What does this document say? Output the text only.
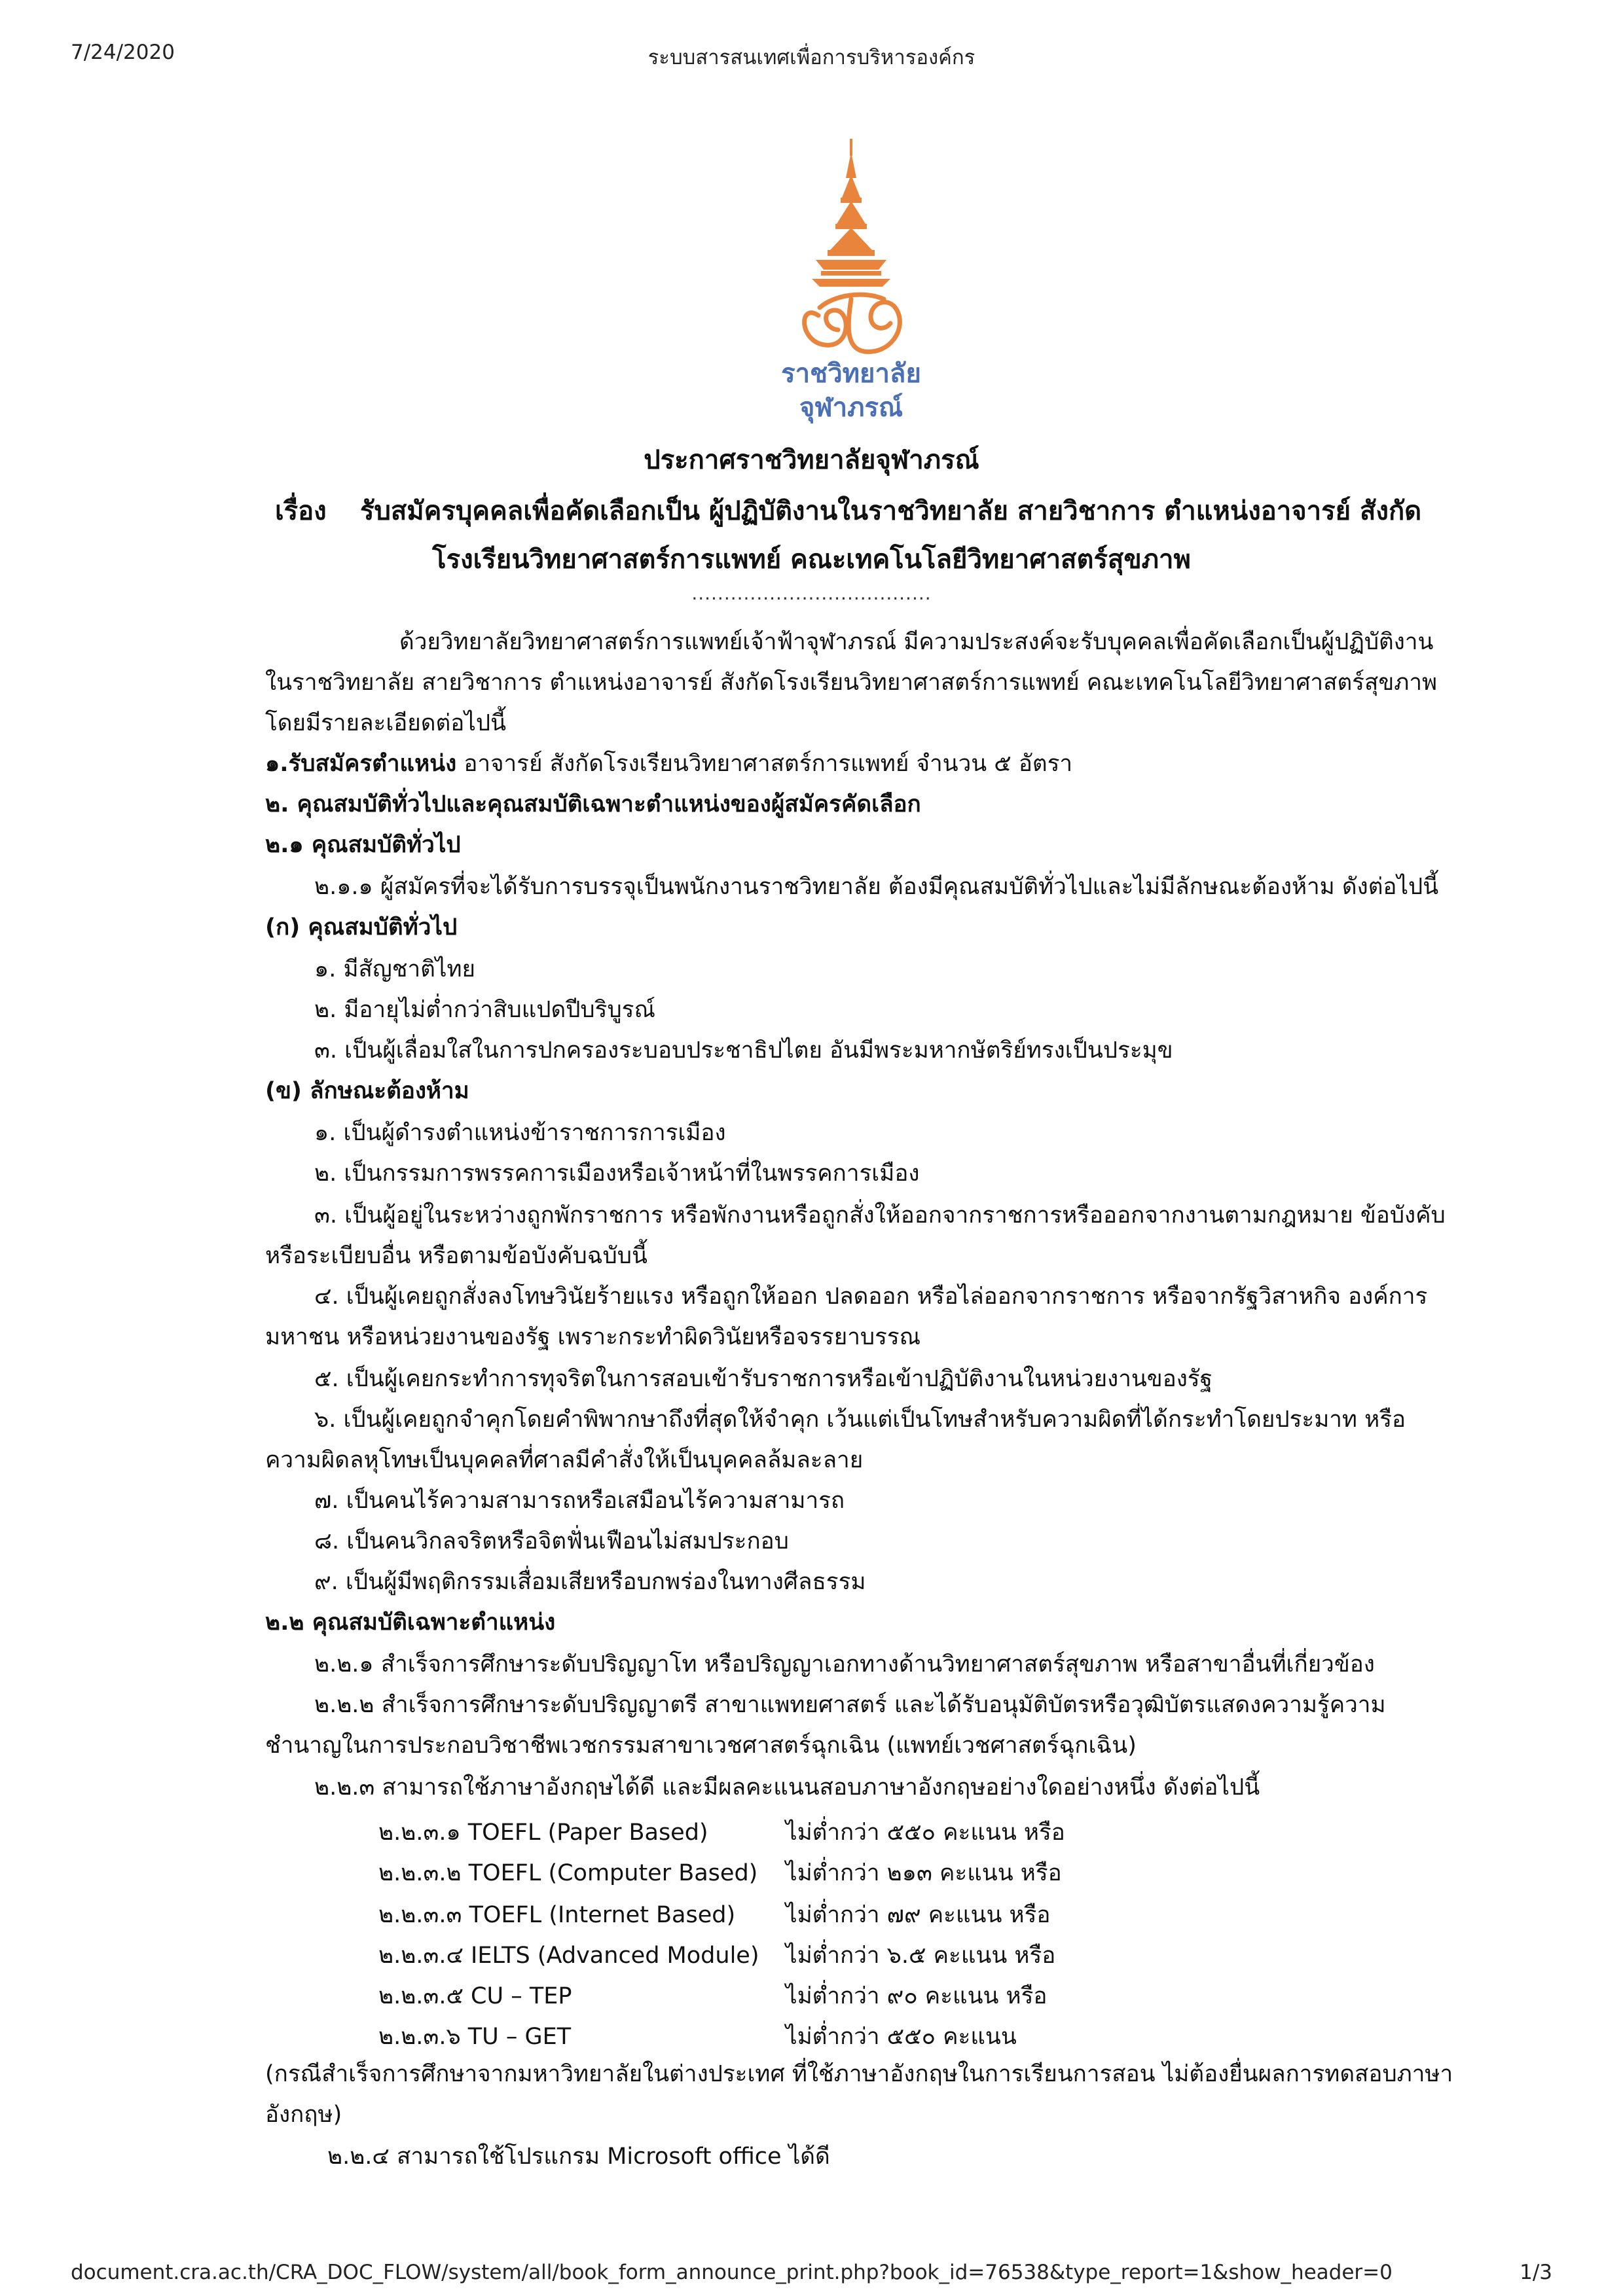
7/24/2020	ระบบสารสนเทศเพื่อการบริหารองค์กร
ราชวิทยาลัย
จุฬาภรณ์
ประกาศราชวิทยาลัยจุฬาภรณ์
เรื่อง รับสมัครบุคคลเพื่อคัดเลือกเป็น ผู้ปฏิบัติงานในราชวิทยาลัย สายวิชาการ ตำแหน่งอาจารย์ สังกัด
โรงเรียนวิทยาศาสตร์การแพทย์ คณะเทคโนโลยีวิทยาศาสตร์สุขภาพ
.....................................
ด้วยวิทยาลัยวิทยาศาสตร์การแพทย์เจ้าฟ้าจุฬาภรณ์ มีความประสงค์จะรับบุคคลเพื่อคัดเลือกเป็นผู้ปฏิบัติงาน
ในราชวิทยาลัย สายวิชาการ ตำแหน่งอาจารย์ สังกัดโรงเรียนวิทยาศาสตร์การแพทย์ คณะเทคโนโลยีวิทยาศาสตร์สุขภาพ
โดยมีรายละเอียดต่อไปนี้
๑.รับสมัครตำแหน่ง อาจารย์ สังกัดโรงเรียนวิทยาศาสตร์การแพทย์ จำนวน ๕ อัตรา
๒. คุณสมบัติทั่วไปและคุณสมบัติเฉพาะตำแหน่งของผู้สมัครคัดเลือก
๒.๑ คุณสมบัติทั่วไป
๒.๑.๑ ผู้สมัครที่จะได้รับการบรรจุเป็นพนักงานราชวิทยาลัย ต้องมีคุณสมบัติทั่วไปและไม่มีลักษณะต้องห้าม ดังต่อไปนี้
(ก) คุณสมบัติทั่วไป
๑. มีสัญชาติไทย
๒. มีอายุไม่ต่ำกว่าสิบแปดปีบริบูรณ์
๓. เป็นผู้เลื่อมใสในการปกครองระบอบประชาธิปไตย อันมีพระมหากษัตริย์ทรงเป็นประมุข
(ข) ลักษณะต้องห้าม
๑. เป็นผู้ดำรงตำแหน่งข้าราชการการเมือง
๒. เป็นกรรมการพรรคการเมืองหรือเจ้าหน้าที่ในพรรคการเมือง
๓. เป็นผู้อยู่ในระหว่างถูกพักราชการ หรือพักงานหรือถูกสั่งให้ออกจากราชการหรือออกจากงานตามกฎหมาย ข้อบังคับ
หรือระเบียบอื่น หรือตามข้อบังคับฉบับนี้
๔. เป็นผู้เคยถูกสั่งลงโทษวินัยร้ายแรง หรือถูกให้ออก ปลดออก หรือไล่ออกจากราชการ หรือจากรัฐวิสาหกิจ องค์การ
มหาชน หรือหน่วยงานของรัฐ เพราะกระทำผิดวินัยหรือจรรยาบรรณ
๕. เป็นผู้เคยกระทำการทุจริตในการสอบเข้ารับราชการหรือเข้าปฏิบัติงานในหน่วยงานของรัฐ
๖. เป็นผู้เคยถูกจำคุกโดยคำพิพากษาถึงที่สุดให้จำคุก เว้นแต่เป็นโทษสำหรับความผิดที่ได้กระทำโดยประมาท หรือ
ความผิดลหุโทษเป็นบุคคลที่ศาลมีคำสั่งให้เป็นบุคคลล้มละลาย
๗. เป็นคนไร้ความสามารถหรือเสมือนไร้ความสามารถ
๘. เป็นคนวิกลจริตหรือจิตฟั่นเฟือนไม่สมประกอบ
๙. เป็นผู้มีพฤติกรรมเสื่อมเสียหรือบกพร่องในทางศีลธรรม
๒.๒ คุณสมบัติเฉพาะตำแหน่ง
๒.๒.๑ สำเร็จการศึกษาระดับปริญญาโท หรือปริญญาเอกทางด้านวิทยาศาสตร์สุขภาพ หรือสาขาอื่นที่เกี่ยวข้อง
๒.๒.๒ สำเร็จการศึกษาระดับปริญญาตรี สาขาแพทยศาสตร์ และได้รับอนุมัติบัตรหรือวุฒิบัตรแสดงความรู้ความ
ชำนาญในการประกอบวิชาชีพเวชกรรมสาขาเวชศาสตร์ฉุกเฉิน (แพทย์เวชศาสตร์ฉุกเฉิน)
๒.๒.๓ สามารถใช้ภาษาอังกฤษได้ดี และมีผลคะแนนสอบภาษาอังกฤษอย่างใดอย่างหนึ่ง ดังต่อไปนี้
๒.๒.๓.๑ TOEFL (Paper Based)	ไม่ต่ำกว่า ๕๕๐ คะแนน หรือ
๒.๒.๓.๒ TOEFL (Computer Based) ไม่ต่ำกว่า ๒๑๓ คะแนน หรือ
๒.๒.๓.๓ TOEFL (Internet Based) ไม่ต่ำกว่า ๗๙ คะแนน หรือ
๒.๒.๓.๔ IELTS (Advanced Module) ไม่ต่ำกว่า ๖.๕ คะแนน หรือ
๒.๒.๓.๕ CU – TEP	ไม่ต่ำกว่า ๙๐ คะแนน หรือ
๒.๒.๓.๖ TU – GET	ไม่ต่ำกว่า ๕๕๐ คะแนน
(กรณีสำเร็จการศึกษาจากมหาวิทยาลัยในต่างประเทศ ที่ใช้ภาษาอังกฤษในการเรียนการสอน ไม่ต้องยื่นผลการทดสอบภาษา
อังกฤษ)
๒.๒.๔ สามารถใช้โปรแกรม Microsoft office ได้ดี
document.cra.ac.th/CRA_DOC_FLOW/system/all/book_form_announce_print.php?book_id=76538&type_report=1&show_header=0	1/3
